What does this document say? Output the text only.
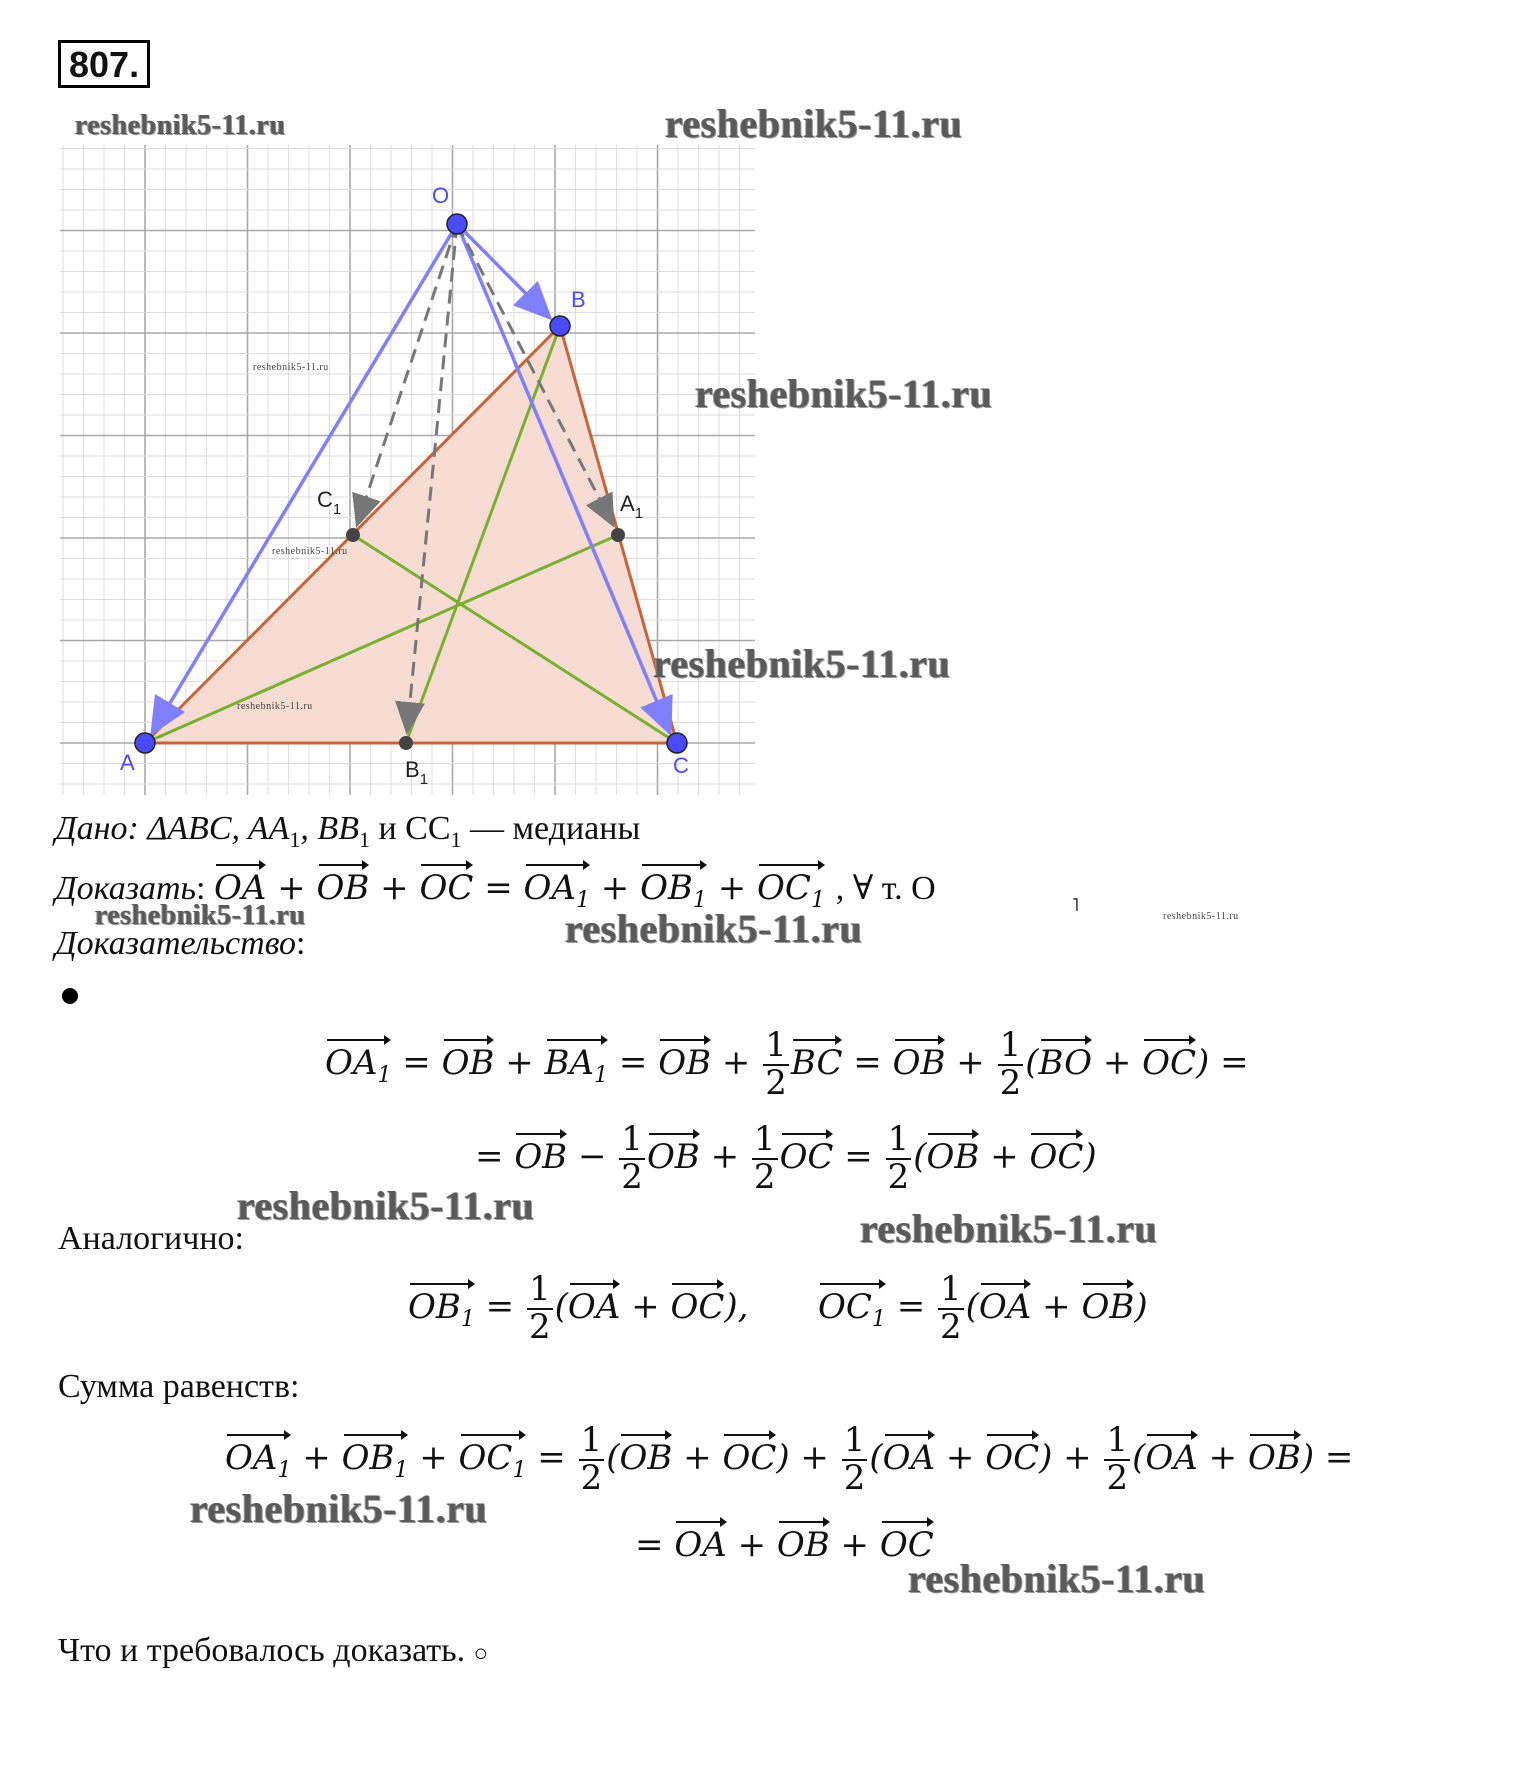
807.
O
B
A	C
$A_1$
$B_1$
$C_1$
reshebnik5-11.ru	reshebnik5-11.ru
reshebnik5-11.ru
reshebnik5-11.ru
reshebnik5-11.ru	reshebnik5-11.ru
reshebnik5-11.ru
reshebnik5-11.ru
reshebnik5-11.ru
reshebnik5-11.ru
reshebnik5-11.ru
reshebnik5-11.ru
reshebnik5-11.ru
reshebnik5-11.ru
˥
Дано: ΔABC, $AA_1$, $BB_1$ и $CC_1$ — медианы
Доказать: OA + OB + OC = $OA_1 + OB_1 + OC_1$ , ∀ т. O
Доказательство:
$OA_1$ = OB + $BA_1$ = OB + $\frac{1}{2}$ BC = OB + $\frac{1}{2} (BO + OC)$ =
= OB − $\frac{1}{2}$ OB + $\frac{1}{2}$ OC = $\frac{1}{2} (OB + OC)$
Аналогично:
$OB_1 = \frac{1}{2} (OA + OC)$, $OC_1 = \frac{1}{2} (OA + OB)$
Сумма равенств:
$OA_1 + OB_1 + OC_1 = \frac{1}{2} (OB + OC) + \frac{1}{2} (OA + OC) + \frac{1}{2} (OA + OB)$ =
= OA + OB + OC
Что и требовалось доказать. ○
